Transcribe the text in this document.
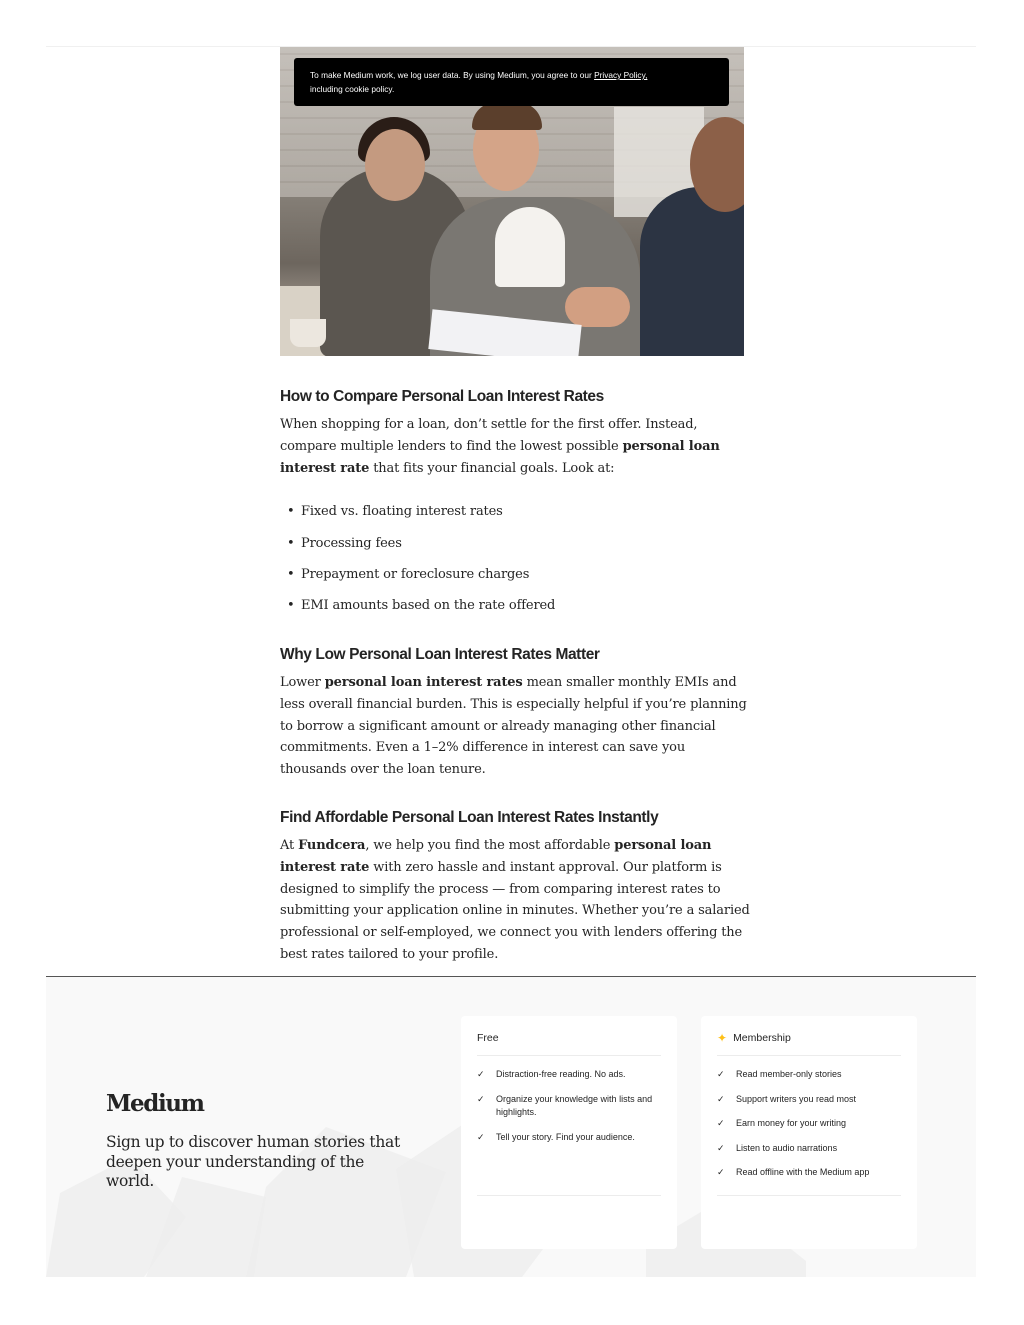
To make Medium work, we log user data. By using Medium, you agree to our Privacy Policy,
including cookie policy.
How to Compare Personal Loan Interest Rates

When shopping for a loan, don’t settle for the first offer. Instead, compare multiple lenders to find the lowest possible personal loan interest rate that fits your financial goals. Look at:

• Fixed vs. floating interest rates
• Processing fees
• Prepayment or foreclosure charges
• EMI amounts based on the rate offered
Why Low Personal Loan Interest Rates Matter

Lower personal loan interest rates mean smaller monthly EMIs and less overall financial burden. This is especially helpful if you’re planning to borrow a significant amount or already managing other financial commitments. Even a 1–2% difference in interest can save you thousands over the loan tenure.

Find Affordable Personal Loan Interest Rates Instantly

At Fundcera, we help you find the most affordable personal loan interest rate with zero hassle and instant approval. Our platform is designed to simplify the process — from comparing interest rates to submitting your application online in minutes. Whether you’re a salaried professional or self-employed, we connect you with lenders offering the best rates tailored to your profile.

Medium
Sign up to discover human stories that deepen your understanding of the world.
Free
✓	Distraction-free reading. No ads.
✓	Organize your knowledge with lists and highlights.
✓	Tell your story. Find your audience.
✦ Membership
✓	Read member-only stories
✓	Support writers you read most
✓	Earn money for your writing
✓	Listen to audio narrations
✓	Read offline with the Medium app
